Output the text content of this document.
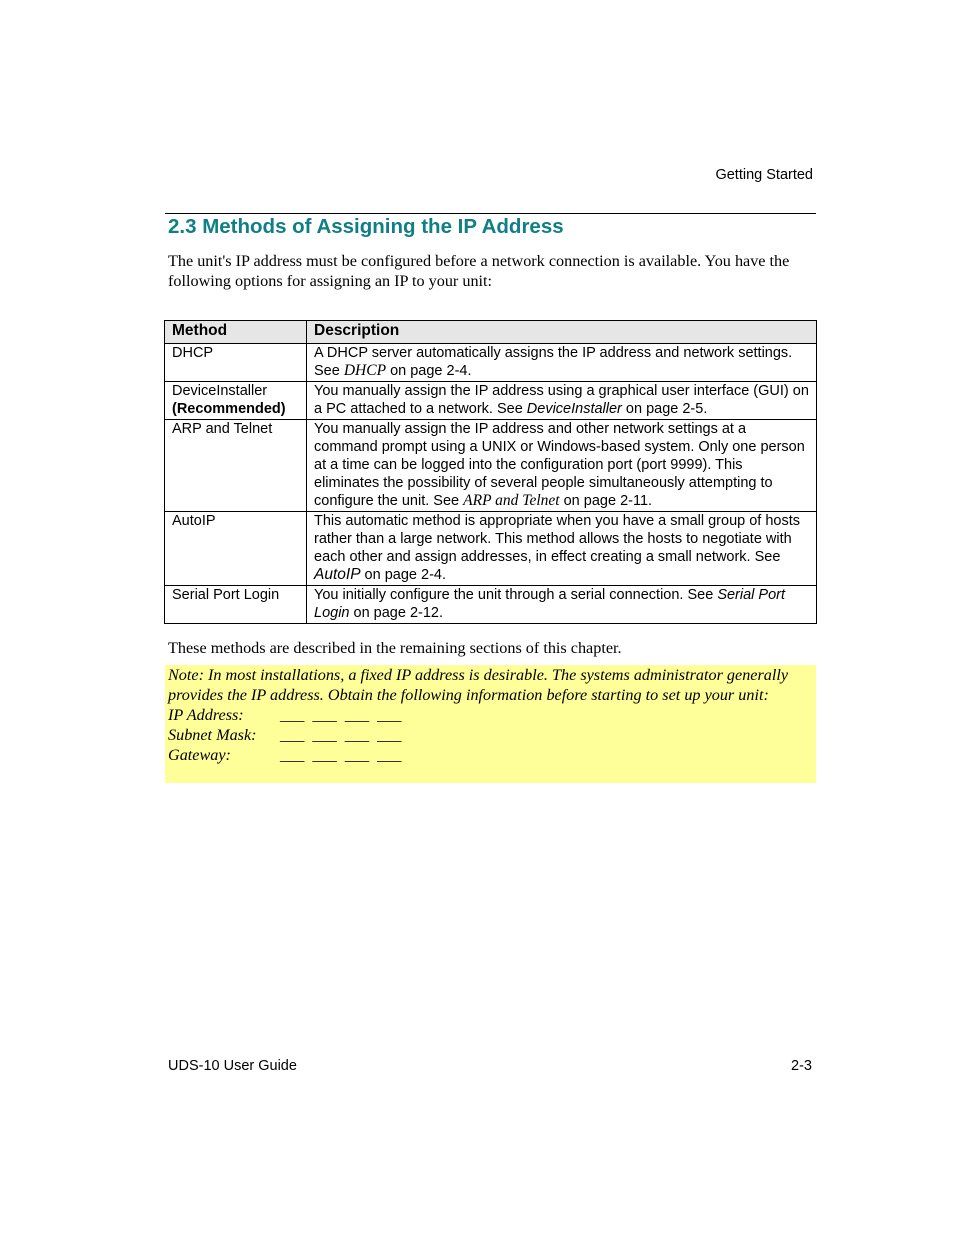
Getting Started
2.3 Methods of Assigning the IP Address

The unit's IP address must be configured before a network connection is available. You have the following options for assigning an IP to your unit:

Method	Description
DHCP	A DHCP server automatically assigns the IP address and network settings. See DHCP on page 2-4.
DeviceInstaller
(Recommended)	You manually assign the IP address using a graphical user interface (GUI) on a PC attached to a network. See DeviceInstaller on page 2-5.
ARP and Telnet	You manually assign the IP address and other network settings at a command prompt using a UNIX or Windows-based system. Only one person at a time can be logged into the configuration port (port 9999). This eliminates the possibility of several people simultaneously attempting to configure the unit. See ARP and Telnet on page 2-11.
AutoIP	This automatic method is appropriate when you have a small group of hosts rather than a large network. This method allows the hosts to negotiate with each other and assign addresses, in effect creating a small network. See AutoIP on page 2-4.
Serial Port Login	You initially configure the unit through a serial connection. See Serial Port Login on page 2-12.

These methods are described in the remaining sections of this chapter.

Note: In most installations, a fixed IP address is desirable. The systems administrator generally provides the IP address. Obtain the following information before starting to set up your unit:

IP Address:	___  ___  ___  ___
Subnet Mask:	___  ___  ___  ___
Gateway:	___  ___  ___  ___
UDS-10 User Guide	2-3
